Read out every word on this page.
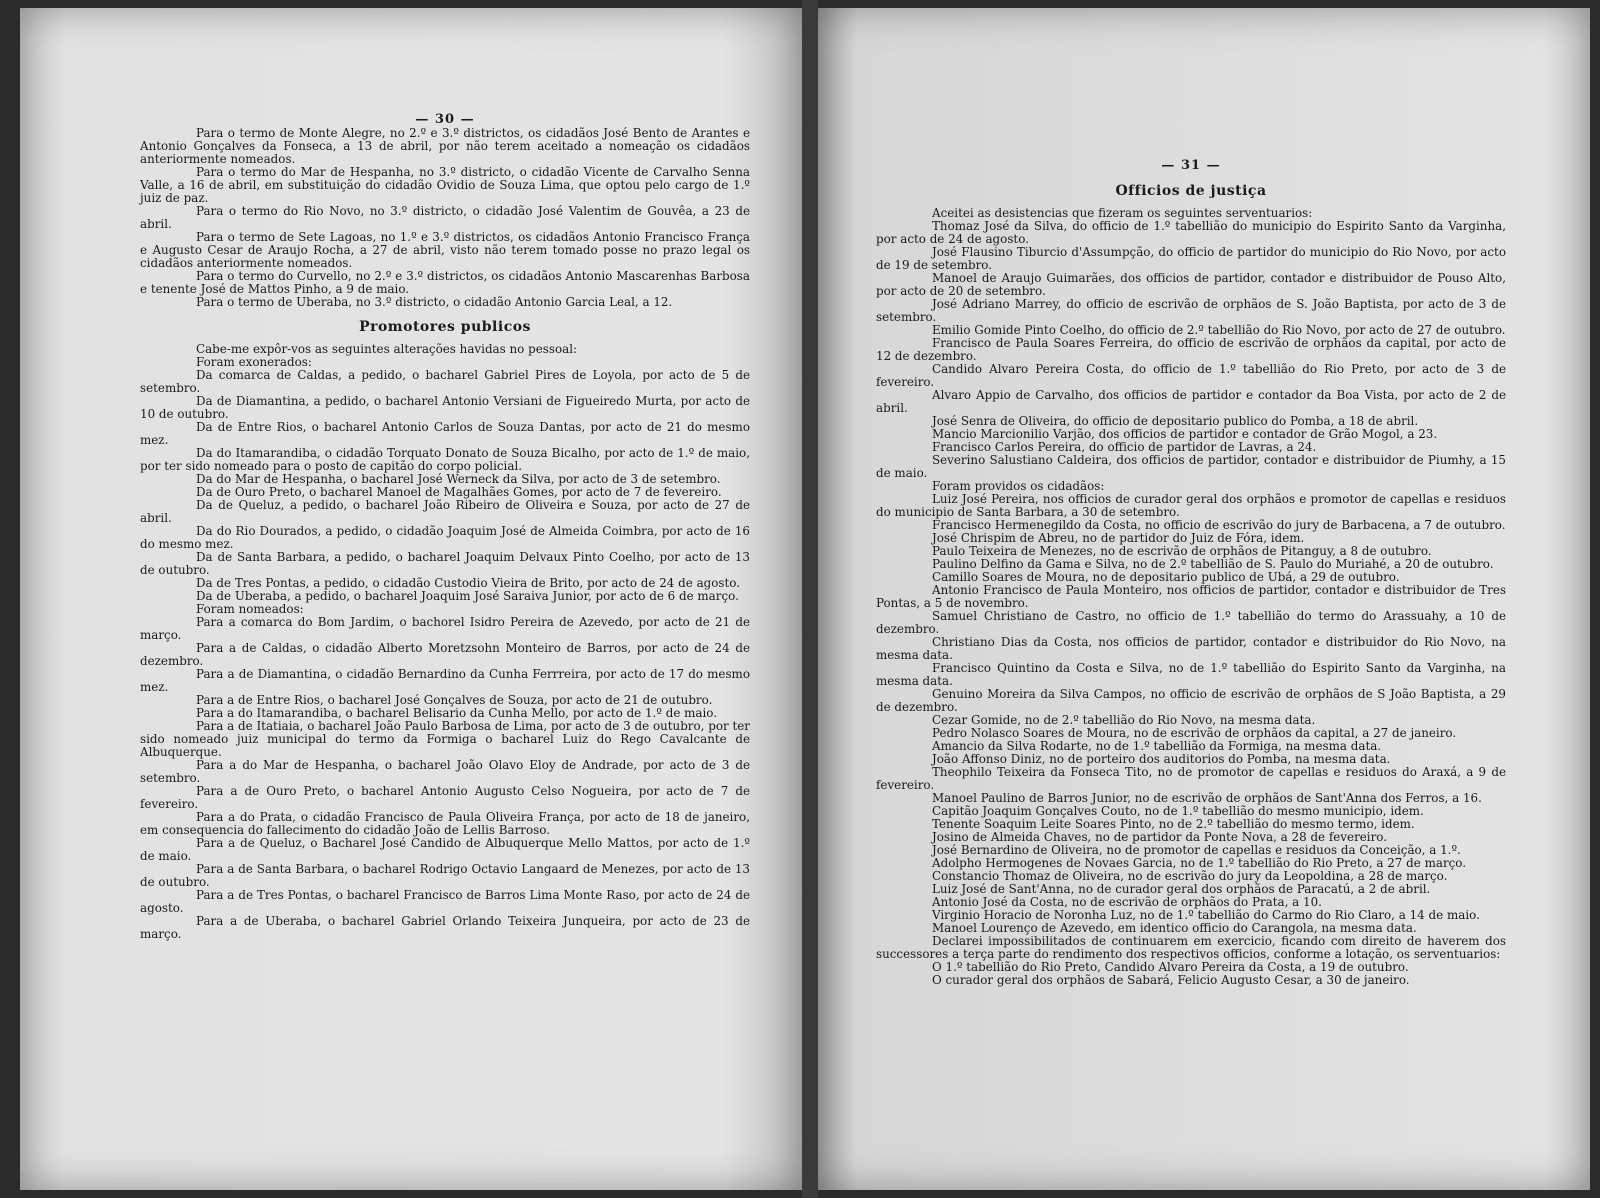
— 30 —

Para o termo de Monte Alegre, no 2.º e 3.º districtos, os cidadãos José Bento de Arantes e Antonio Gonçalves da Fonseca, a 13 de abril, por não terem aceitado a nomeação os cidadãos anteriormente nomeados.

Para o termo do Mar de Hespanha, no 3.º districto, o cidadão Vicente de Carvalho Senna Valle, a 16 de abril, em substituição do cidadão Ovidio de Souza Lima, que optou pelo cargo de 1.º juiz de paz.

Para o termo do Rio Novo, no 3.º districto, o cidadão José Valentim de Gouvêa, a 23 de abril.

Para o termo de Sete Lagoas, no 1.º e 3.º districtos, os cidadãos Antonio Francisco França e Augusto Cesar de Araujo Rocha, a 27 de abril, visto não terem tomado posse no prazo legal os cidadãos anteriormente nomeados.

Para o termo do Curvello, no 2.º e 3.º districtos, os cidadãos Antonio Mascarenhas Barbosa e tenente José de Mattos Pinho, a 9 de maio.

Para o termo de Uberaba, no 3.º districto, o cidadão Antonio Garcia Leal, a 12.

Promotores publicos

Cabe-me expôr-vos as seguintes alterações havidas no pessoal:

Foram exonerados:

Da comarca de Caldas, a pedido, o bacharel Gabriel Pires de Loyola, por acto de 5 de setembro.

Da de Diamantina, a pedido, o bacharel Antonio Versiani de Figueiredo Murta, por acto de 10 de outubro.

Da de Entre Rios, o bacharel Antonio Carlos de Souza Dantas, por acto de 21 do mesmo mez.

Da do Itamarandiba, o cidadão Torquato Donato de Souza Bicalho, por acto de 1.º de maio, por ter sido nomeado para o posto de capitão do corpo policial.

Da do Mar de Hespanha, o bacharel José Werneck da Silva, por acto de 3 de setembro.

Da de Ouro Preto, o bacharel Manoel de Magalhães Gomes, por acto de 7 de fevereiro.

Da de Queluz, a pedido, o bacharel João Ribeiro de Oliveira e Souza, por acto de 27 de abril.

Da do Rio Dourados, a pedido, o cidadão Joaquim José de Almeida Coimbra, por acto de 16 do mesmo mez.

Da de Santa Barbara, a pedido, o bacharel Joaquim Delvaux Pinto Coelho, por acto de 13 de outubro.

Da de Tres Pontas, a pedido, o cidadão Custodio Vieira de Brito, por acto de 24 de agosto.

Da de Uberaba, a pedido, o bacharel Joaquim José Saraiva Junior, por acto de 6 de março.

Foram nomeados:

Para a comarca do Bom Jardim, o bachorel Isidro Pereira de Azevedo, por acto de 21 de março.

Para a de Caldas, o cidadão Alberto Moretzsohn Monteiro de Barros, por acto de 24 de dezembro.

Para a de Diamantina, o cidadão Bernardino da Cunha Ferrreira, por acto de 17 do mesmo mez.

Para a de Entre Rios, o bacharel José Gonçalves de Souza, por acto de 21 de outubro.

Para a do Itamarandiba, o bacharel Belisario da Cunha Mello, por acto de 1.º de maio.

Para a de Itatiaia, o bacharel João Paulo Barbosa de Lima, por acto de 3 de outubro, por ter sido nomeado juiz municipal do termo da Formiga o bacharel Luiz do Rego Cavalcante de Albuquerque.

Para a do Mar de Hespanha, o bacharel João Olavo Eloy de Andrade, por acto de 3 de setembro.

Para a de Ouro Preto, o bacharel Antonio Augusto Celso Nogueira, por acto de 7 de fevereiro.

Para a do Prata, o cidadão Francisco de Paula Oliveira França, por acto de 18 de janeiro, em consequencia do fallecimento do cidadão João de Lellis Barroso.

Para a de Queluz, o Bacharel José Candido de Albuquerque Mello Mattos, por acto de 1.º de maio.

Para a de Santa Barbara, o bacharel Rodrigo Octavio Langaard de Menezes, por acto de 13 de outubro.

Para a de Tres Pontas, o bacharel Francisco de Barros Lima Monte Raso, por acto de 24 de agosto.

Para a de Uberaba, o bacharel Gabriel Orlando Teixeira Junqueira, por acto de 23 de março.

— 31 —
Officios de justiça

Aceitei as desistencias que fizeram os seguintes serventuarios:

Thomaz José da Silva, do officio de 1.º tabellião do municipio do Espirito Santo da Varginha, por acto de 24 de agosto.

José Flausino Tiburcio d'Assumpção, do officio de partidor do municipio do Rio Novo, por acto de 19 de setembro.

Manoel de Araujo Guimarães, dos officios de partidor, contador e distribuidor de Pouso Alto, por acto de 20 de setembro.

José Adriano Marrey, do officio de escrivão de orphãos de S. João Baptista, por acto de 3 de setembro.

Emilio Gomide Pinto Coelho, do officio de 2.º tabellião do Rio Novo, por acto de 27 de outubro.

Francisco de Paula Soares Ferreira, do officio de escrivão de orphãos da capital, por acto de 12 de dezembro.

Candido Alvaro Pereira Costa, do officio de 1.º tabellião do Rio Preto, por acto de 3 de fevereiro.

Alvaro Appio de Carvalho, dos officios de partidor e contador da Boa Vista, por acto de 2 de abril.

José Senra de Oliveira, do officio de depositario publico do Pomba, a 18 de abril.

Mancio Marcionilio Varjão, dos officios de partidor e contador de Grão Mogol, a 23.

Francisco Carlos Pereira, do officio de partidor de Lavras, a 24.

Severino Salustiano Caldeira, dos officios de partidor, contador e distribuidor de Piumhy, a 15 de maio.

Foram providos os cidadãos:

Luiz José Pereira, nos officios de curador geral dos orphãos e promotor de capellas e residuos do municipio de Santa Barbara, a 30 de setembro.

Francisco Hermenegildo da Costa, no officio de escrivão do jury de Barbacena, a 7 de outubro.

José Chrispim de Abreu, no de partidor do Juiz de Fóra, idem.

Paulo Teixeira de Menezes, no de escrivão de orphãos de Pitanguy, a 8 de outubro.

Paulino Delfino da Gama e Silva, no de 2.º tabellião de S. Paulo do Muriahé, a 20 de outubro.

Camillo Soares de Moura, no de depositario publico de Ubá, a 29 de outubro.

Antonio Francisco de Paula Monteiro, nos officios de partidor, contador e distribuidor de Tres Pontas, a 5 de novembro.

Samuel Christiano de Castro, no officio de 1.º tabellião do termo do Arassuahy, a 10 de dezembro.

Christiano Dias da Costa, nos officios de partidor, contador e distribuidor do Rio Novo, na mesma data.

Francisco Quintino da Costa e Silva, no de 1.º tabellião do Espirito Santo da Varginha, na mesma data.

Genuino Moreira da Silva Campos, no officio de escrivão de orphãos de S João Baptista, a 29 de dezembro.

Cezar Gomide, no de 2.º tabellião do Rio Novo, na mesma data.

Pedro Nolasco Soares de Moura, no de escrivão de orphãos da capital, a 27 de janeiro.

Amancio da Silva Rodarte, no de 1.º tabellião da Formiga, na mesma data.

João Affonso Diniz, no de porteiro dos auditorios do Pomba, na mesma data.

Theophilo Teixeira da Fonseca Tito, no de promotor de capellas e residuos do Araxá, a 9 de fevereiro.

Manoel Paulino de Barros Junior, no de escrivão de orphãos de Sant'Anna dos Ferros, a 16.

Capitão Joaquim Gonçalves Couto, no de 1.º tabellião do mesmo municipio, idem.

Tenente Soaquim Leite Soares Pinto, no de 2.º tabellião do mesmo termo, idem.

Josino de Almeida Chaves, no de partidor da Ponte Nova, a 28 de fevereiro.

José Bernardino de Oliveira, no de promotor de capellas e residuos da Conceição, a 1.º.

Adolpho Hermogenes de Novaes Garcia, no de 1.º tabellião do Rio Preto, a 27 de março.

Constancio Thomaz de Oliveira, no de escrivão do jury da Leopoldina, a 28 de março.

Luiz José de Sant'Anna, no de curador geral dos orphãos de Paracatú, a 2 de abril.

Antonio José da Costa, no de escrivão de orphãos do Prata, a 10.

Virginio Horacio de Noronha Luz, no de 1.º tabellião do Carmo do Rio Claro, a 14 de maio.

Manoel Lourenço de Azevedo, em identico officio do Carangola, na mesma data.

Declarei impossibilitados de continuarem em exercicio, ficando com direito de haverem dos successores a terça parte do rendimento dos respectivos officios, conforme a lotação, os serventuarios:

O 1.º tabellião do Rio Preto, Candido Alvaro Pereira da Costa, a 19 de outubro.

O curador geral dos orphãos de Sabará, Felicio Augusto Cesar, a 30 de janeiro.
